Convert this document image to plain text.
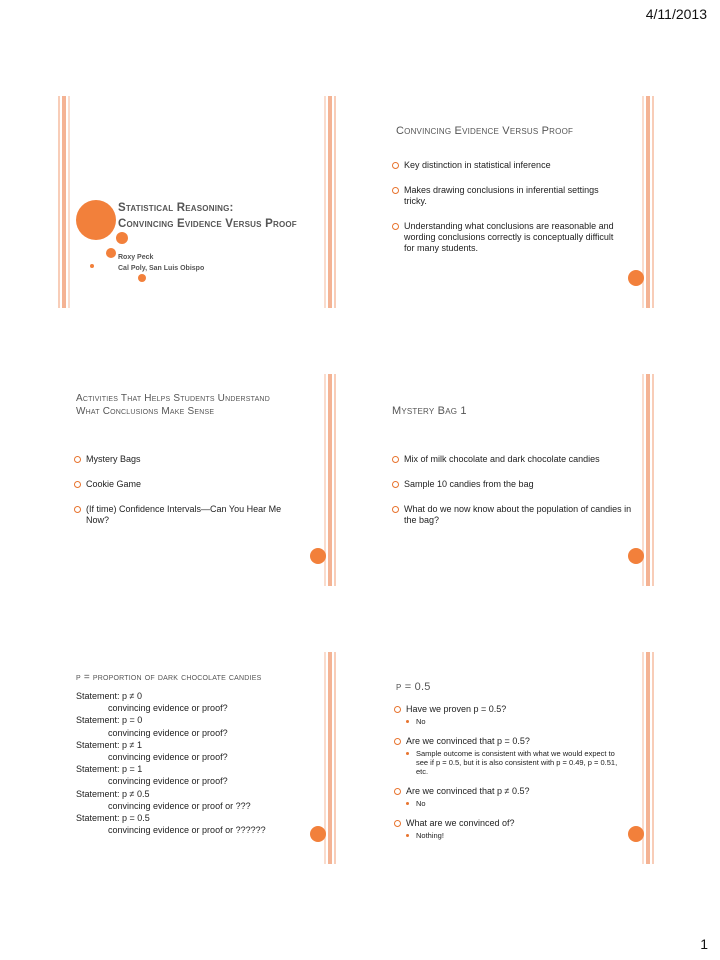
4/11/2013
Statistical Reasoning:
Convincing Evidence Versus Proof
Roxy Peck
Cal Poly, San Luis Obispo
Convincing Evidence Versus Proof
Key distinction in statistical inference
Makes drawing conclusions in inferential settings tricky.
Understanding what conclusions are reasonable and wording conclusions correctly is conceptually difficult for many students.
Activities That Helps Students Understand
What Conclusions Make Sense
Mystery Bags
Cookie Game
(If time) Confidence Intervals—Can You Hear Me Now?
Mystery Bag 1
Mix of milk chocolate and dark chocolate candies
Sample 10 candies from the bag
What do we now know about the population of candies in the bag?
p = proportion of dark chocolate candies
Statement: p ≠ 0
convincing evidence or proof?
Statement: p = 0
convincing evidence or proof?
Statement: p ≠ 1
convincing evidence or proof?
Statement: p = 1
convincing evidence or proof?
Statement: p ≠ 0.5
convincing evidence or proof or ???
Statement: p = 0.5
convincing evidence or proof or ??????
p = 0.5
Have we proven p = 0.5?
No
Are we convinced that p = 0.5?
Sample outcome is consistent with what we would expect to see if p = 0.5, but it is also consistent with p = 0.49, p = 0.51, etc.
Are we convinced that p ≠ 0.5?
No
What are we convinced of?
Nothing!
1
